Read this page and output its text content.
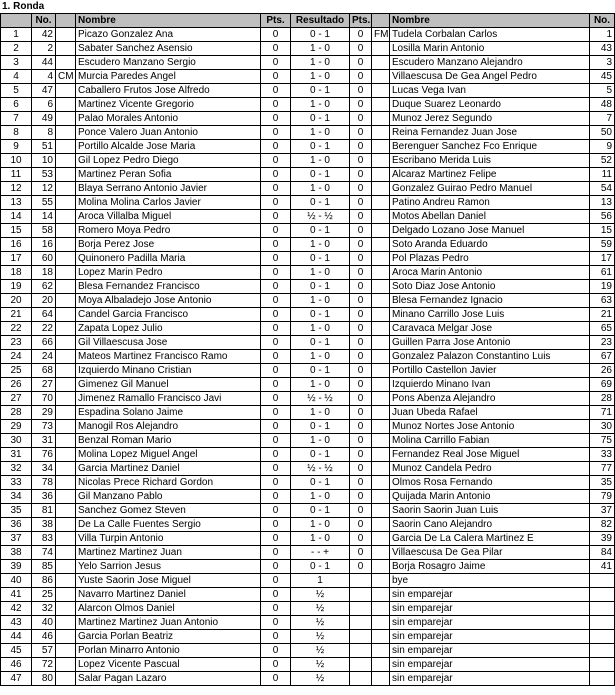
1. Ronda
	No.		Nombre	Pts.	Resultado	Pts.		Nombre	No.
1	42		Picazo Gonzalez Ana	0	0 - 1	0	FM	Tudela Corbalan Carlos	1
2	2		Sabater Sanchez Asensio	0	1 - 0	0		Losilla Marin Antonio	43
3	44		Escudero Manzano Sergio	0	1 - 0	0		Escudero Manzano Alejandro	3
4	4	CM	Murcia Paredes Angel	0	1 - 0	0		Villaescusa De Gea Angel Pedro	45
5	47		Caballero Frutos Jose Alfredo	0	0 - 1	0		Lucas Vega Ivan	5
6	6		Martinez Vicente Gregorio	0	1 - 0	0		Duque Suarez Leonardo	48
7	49		Palao Morales Antonio	0	0 - 1	0		Munoz Jerez Segundo	7
8	8		Ponce Valero Juan Antonio	0	1 - 0	0		Reina Fernandez Juan Jose	50
9	51		Portillo Alcalde Jose Maria	0	0 - 1	0		Berenguer Sanchez Fco Enrique	9
10	10		Gil Lopez Pedro Diego	0	1 - 0	0		Escribano Merida Luis	52
11	53		Martinez Peran Sofia	0	0 - 1	0		Alcaraz Martinez Felipe	11
12	12		Blaya Serrano Antonio Javier	0	1 - 0	0		Gonzalez Guirao Pedro Manuel	54
13	55		Molina Molina Carlos Javier	0	0 - 1	0		Patino Andreu Ramon	13
14	14		Aroca Villalba Miguel	0	½ - ½	0		Motos Abellan Daniel	56
15	58		Romero Moya Pedro	0	0 - 1	0		Delgado Lozano Jose Manuel	15
16	16		Borja Perez Jose	0	1 - 0	0		Soto Aranda Eduardo	59
17	60		Quinonero Padilla Maria	0	0 - 1	0		Pol Plazas Pedro	17
18	18		Lopez Marin Pedro	0	1 - 0	0		Aroca Marin Antonio	61
19	62		Blesa Fernandez Francisco	0	0 - 1	0		Soto Diaz Jose Antonio	19
20	20		Moya Albaladejo Jose Antonio	0	1 - 0	0		Blesa Fernandez Ignacio	63
21	64		Candel Garcia Francisco	0	0 - 1	0		Minano Carrillo Jose Luis	21
22	22		Zapata Lopez Julio	0	1 - 0	0		Caravaca Melgar Jose	65
23	66		Gil Villaescusa Jose	0	0 - 1	0		Guillen Parra Jose Antonio	23
24	24		Mateos Martinez Francisco Ramo	0	1 - 0	0		Gonzalez Palazon Constantino Luis	67
25	68		Izquierdo Minano Cristian	0	0 - 1	0		Portillo Castellon Javier	26
26	27		Gimenez Gil Manuel	0	1 - 0	0		Izquierdo Minano Ivan	69
27	70		Jimenez Ramallo Francisco Javi	0	½ - ½	0		Pons Abenza Alejandro	28
28	29		Espadina Solano Jaime	0	1 - 0	0		Juan Ubeda Rafael	71
29	73		Manogil Ros Alejandro	0	0 - 1	0		Munoz Nortes Jose Antonio	30
30	31		Benzal Roman Mario	0	1 - 0	0		Molina Carrillo Fabian	75
31	76		Molina Lopez Miguel Angel	0	0 - 1	0		Fernandez Real Jose Miguel	33
32	34		Garcia Martinez Daniel	0	½ - ½	0		Munoz Candela Pedro	77
33	78		Nicolas Prece Richard Gordon	0	0 - 1	0		Olmos Rosa Fernando	35
34	36		Gil Manzano Pablo	0	1 - 0	0		Quijada Marin Antonio	79
35	81		Sanchez Gomez Steven	0	0 - 1	0		Saorin Saorin Juan Luis	37
36	38		De La Calle Fuentes Sergio	0	1 - 0	0		Saorin Cano Alejandro	82
37	83		Villa Turpin Antonio	0	1 - 0	0		Garcia De La Calera Martinez E	39
38	74		Martinez Martinez Juan	0	- - +	0		Villaescusa De Gea Pilar	84
39	85		Yelo Sarrion Jesus	0	0 - 1	0		Borja Rosagro Jaime	41
40	86		Yuste Saorin Jose Miguel	0	1			bye	
41	25		Navarro Martinez Daniel	0	½			sin emparejar	
42	32		Alarcon Olmos Daniel	0	½			sin emparejar	
43	40		Martinez Martinez Juan Antonio	0	½			sin emparejar	
44	46		Garcia Porlan Beatriz	0	½			sin emparejar	
45	57		Porlan Minarro Antonio	0	½			sin emparejar	
46	72		Lopez Vicente Pascual	0	½			sin emparejar	
47	80		Salar Pagan Lazaro	0	½			sin emparejar	
